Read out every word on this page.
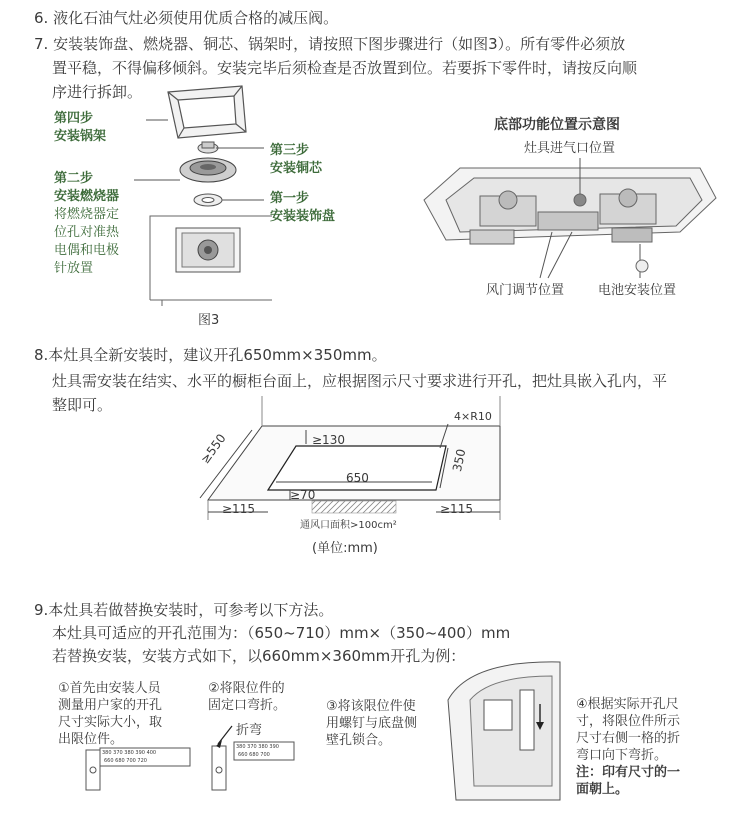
6. 液化石油气灶必须使用优质合格的减压阀。
7. 安装装饰盘、燃烧器、铜芯、锅架时，请按照下图步骤进行（如图3）。所有零件必须放
置平稳，不得偏移倾斜。安装完毕后须检查是否放置到位。若要拆下零件时，请按反向顺
序进行拆卸。
第四步
安装锅架
第三步
安装铜芯
第二步
安装燃烧器
将燃烧器定
位孔对准热
电偶和电极
针放置
第一步
安装装饰盘
图3
底部功能位置示意图
灶具进气口位置
风门调节位置	电池安装位置
8.本灶具全新安装时，建议开孔650mm×350mm。
灶具需安装在结实、水平的橱柜台面上，应根据图示尺寸要求进行开孔，把灶具嵌入孔内，平
整即可。
4×R10
≥550	≥130
650
350
≥70
≥115	≥115
通风口面积>100cm²
(单位:mm)
9.本灶具若做替换安装时，可参考以下方法。
本灶具可适应的开孔范围为：（650~710）mm×（350~400）mm
若替换安装，安装方式如下，以660mm×360mm开孔为例：
①首先由安装人员
测量用户家的开孔
尺寸实际大小，取
出限位件。
②将限位件的
固定口弯折。
折弯
③将该限位件使
用螺钉与底盘侧
壁孔锁合。
④根据实际开孔尺
寸，将限位件所示
尺寸右侧一格的折
弯口向下弯折。
注：印有尺寸的一
面朝上。
380 370 380 390 400
660 680 700 720
380 370 380 390
660 680 700
